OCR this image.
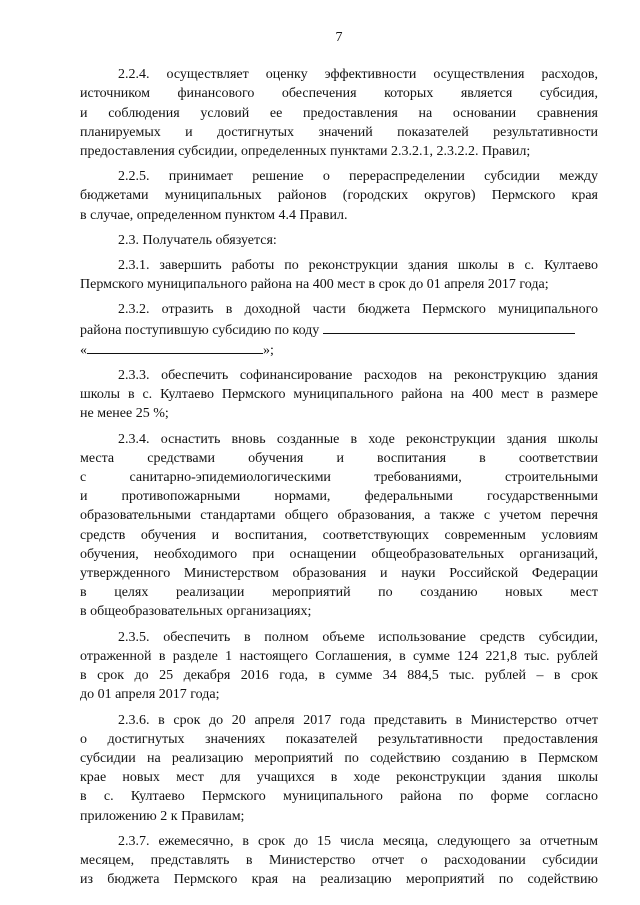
7
2.2.4. осуществляет оценку эффективности осуществления расходов,
источником финансового обеспечения которых является субсидия,
и соблюдения условий ее предоставления на основании сравнения
планируемых и достигнутых значений показателей результативности
предоставления субсидии, определенных пунктами 2.3.2.1, 2.3.2.2. Правил;
2.2.5. принимает решение о перераспределении субсидии между
бюджетами муниципальных районов (городских округов) Пермского края
в случае, определенном пунктом 4.4 Правил.
2.3. Получатель обязуется:
2.3.1. завершить работы по реконструкции здания школы в с. Култаево
Пермского муниципального района на 400 мест в срок до 01 апреля 2017 года;
2.3.2. отразить в доходной части бюджета Пермского муниципального
района поступившую субсидию по коду
«	»;
2.3.3. обеспечить софинансирование расходов на реконструкцию здания
школы в с. Култаево Пермского муниципального района на 400 мест в размере
не менее 25 %;
2.3.4. оснастить вновь созданные в ходе реконструкции здания школы
места средствами обучения и воспитания в соответствии
с санитарно-эпидемиологическими требованиями, строительными
и противопожарными нормами, федеральными государственными
образовательными стандартами общего образования, а также с учетом перечня
средств обучения и воспитания, соответствующих современным условиям
обучения, необходимого при оснащении общеобразовательных организаций,
утвержденного Министерством образования и науки Российской Федерации
в целях реализации мероприятий по созданию новых мест
в общеобразовательных организациях;
2.3.5. обеспечить в полном объеме использование средств субсидии,
отраженной в разделе 1 настоящего Соглашения, в сумме 124 221,8 тыс. рублей
в срок до 25 декабря 2016 года, в сумме 34 884,5 тыс. рублей – в срок
до 01 апреля 2017 года;
2.3.6. в срок до 20 апреля 2017 года представить в Министерство отчет
о достигнутых значениях показателей результативности предоставления
субсидии на реализацию мероприятий по содействию созданию в Пермском
крае новых мест для учащихся в ходе реконструкции здания школы
в с. Култаево Пермского муниципального района по форме согласно
приложению 2 к Правилам;
2.3.7. ежемесячно, в срок до 15 числа месяца, следующего за отчетным
месяцем, представлять в Министерство отчет о расходовании субсидии
из бюджета Пермского края на реализацию мероприятий по содействию
